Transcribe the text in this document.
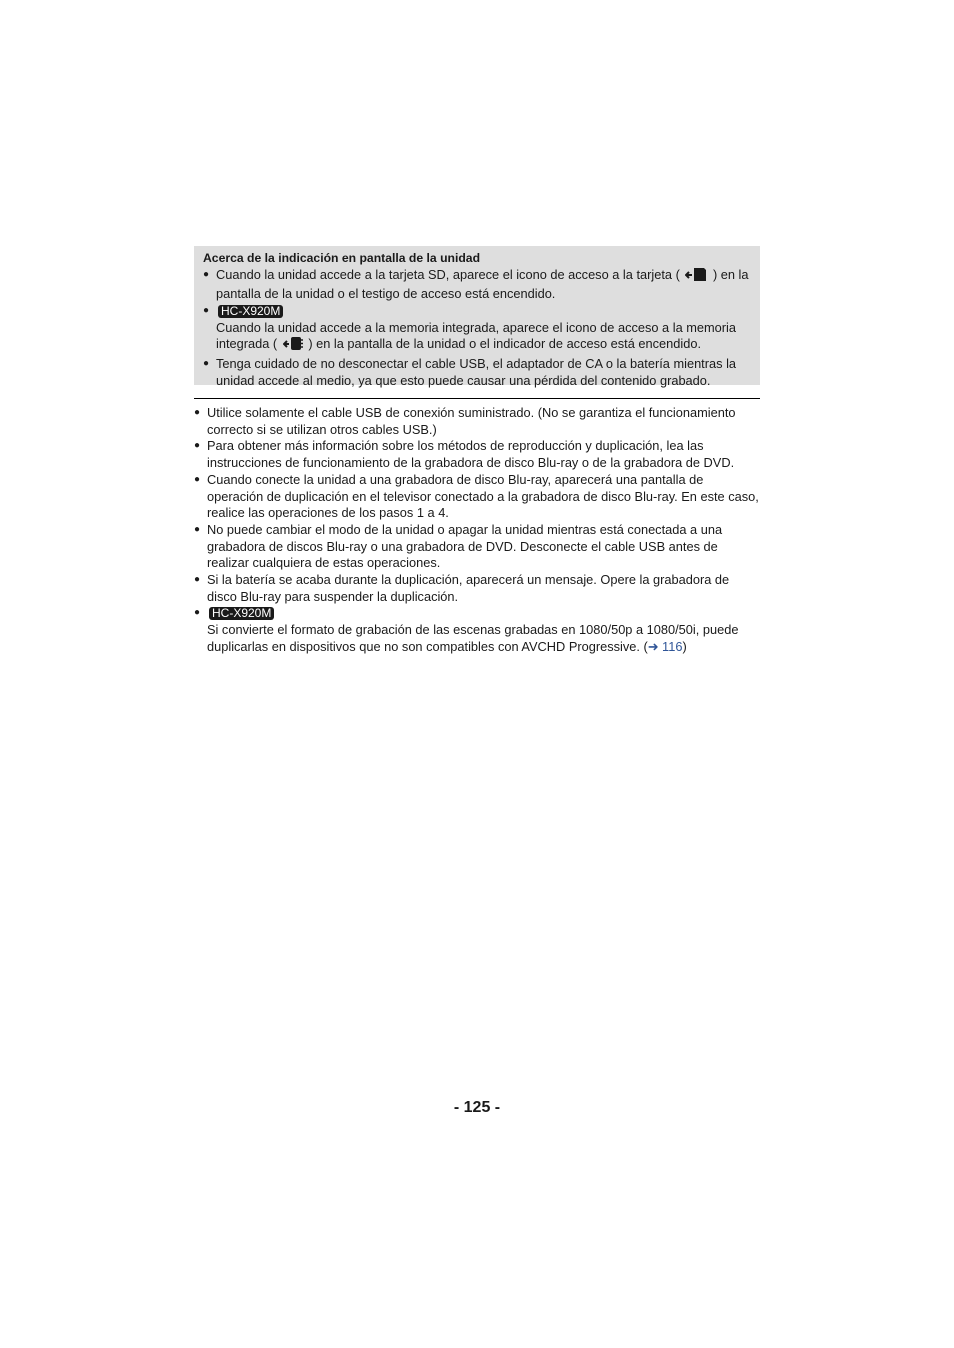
Acerca de la indicación en pantalla de la unidad
● Cuando la unidad accede a la tarjeta SD, aparece el icono de acceso a la tarjeta (	) en la pantalla de la unidad o el testigo de acceso está encendido.
● HC-X920M
Cuando la unidad accede a la memoria integrada, aparece el icono de acceso a la memoria integrada ( ) en la pantalla de la unidad o el indicador de acceso está encendido.
● Tenga cuidado de no desconectar el cable USB, el adaptador de CA o la batería mientras la unidad accede al medio, ya que esto puede causar una pérdida del contenido grabado.
● Utilice solamente el cable USB de conexión suministrado. (No se garantiza el funcionamiento correcto si se utilizan otros cables USB.)
● Para obtener más información sobre los métodos de reproducción y duplicación, lea las instrucciones de funcionamiento de la grabadora de disco Blu-ray o de la grabadora de DVD.
● Cuando conecte la unidad a una grabadora de disco Blu-ray, aparecerá una pantalla de operación de duplicación en el televisor conectado a la grabadora de disco Blu-ray. En este caso, realice las operaciones de los pasos 1 a 4.
● No puede cambiar el modo de la unidad o apagar la unidad mientras está conectada a una grabadora de discos Blu-ray o una grabadora de DVD. Desconecte el cable USB antes de realizar cualquiera de estas operaciones.
● Si la batería se acaba durante la duplicación, aparecerá un mensaje. Opere la grabadora de disco Blu-ray para suspender la duplicación.
● HC-X920M
Si convierte el formato de grabación de las escenas grabadas en 1080/50p a 1080/50i, puede duplicarlas en dispositivos que no son compatibles con AVCHD Progressive. (➜ 116)
- 125 -
